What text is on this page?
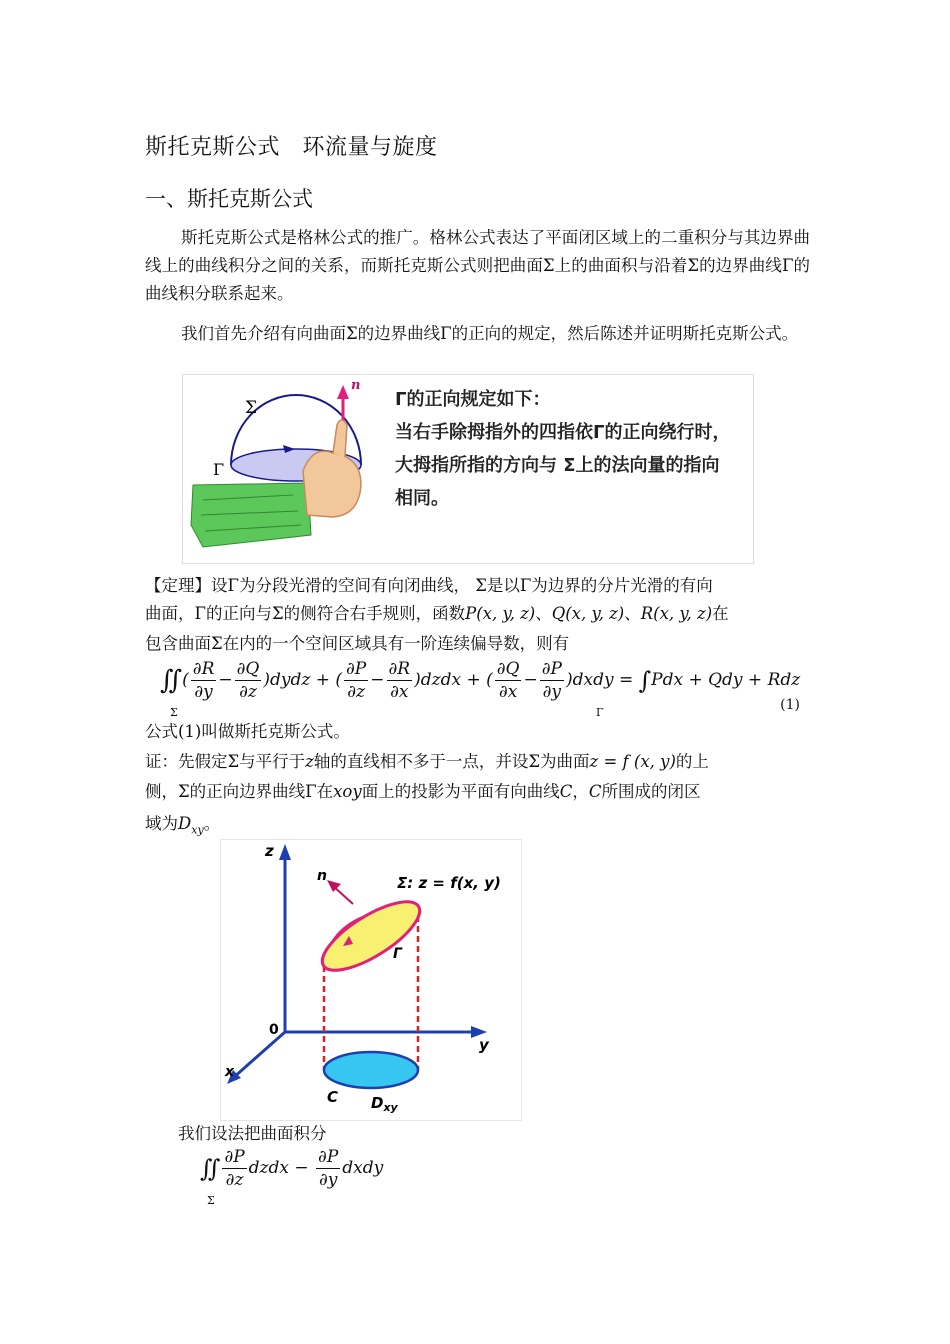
斯托克斯公式　环流量与旋度
一、斯托克斯公式
斯托克斯公式是格林公式的推广。格林公式表达了平面闭区域上的二重积分与其边界曲线上的曲线积分之间的关系，而斯托克斯公式则把曲面Σ上的曲面积与沿着Σ的边界曲线Γ的曲线积分联系起来。
我们首先介绍有向曲面Σ的边界曲线Γ的正向的规定，然后陈述并证明斯托克斯公式。
n
Σ
Γ
Γ的正向规定如下：
当右手除拇指外的四指依Γ的正向绕行时，
大拇指所指的方向与 Σ上的法向量的指向
相同。
【定理】设Γ为分段光滑的空间有向闭曲线， Σ是以Γ为边界的分片光滑的有向
曲面，Γ的正向与Σ的侧符合右手规则，函数P(x, y, z)、Q(x, y, z)、R(x, y, z)在
包含曲面Σ在内的一个空间区域具有一阶连续偏导数，则有
∬( $\frac{\partial R}{\partial y} - \frac{\partial Q}{\partial z}$ )dydz + ( $\frac{\partial P}{\partial z} - \frac{\partial R}{\partial x}$ )dzdx + ( $\frac{\partial Q}{\partial x} - \frac{\partial P}{\partial y}$ )dxdy = ∫Pdx + Qdy + Rdz
Σ	Γ	(1)
公式(1)叫做斯托克斯公式。
证：先假定Σ与平行于z轴的直线相不多于一点，并设Σ为曲面z = f (x, y)的上
侧，Σ的正向边界曲线Γ在xoy面上的投影为平面有向曲线C，C所围成的闭区
域为$D_{xy}$。
z
y
x
0
n	Σ: z = f(x, y)
Γ
C $D_{xy}$
我们设法把曲面积分
∬ $\frac{\partial P}{\partial z}$ dzdx − $\frac{\partial P}{\partial y}$ dxdy
Σ
